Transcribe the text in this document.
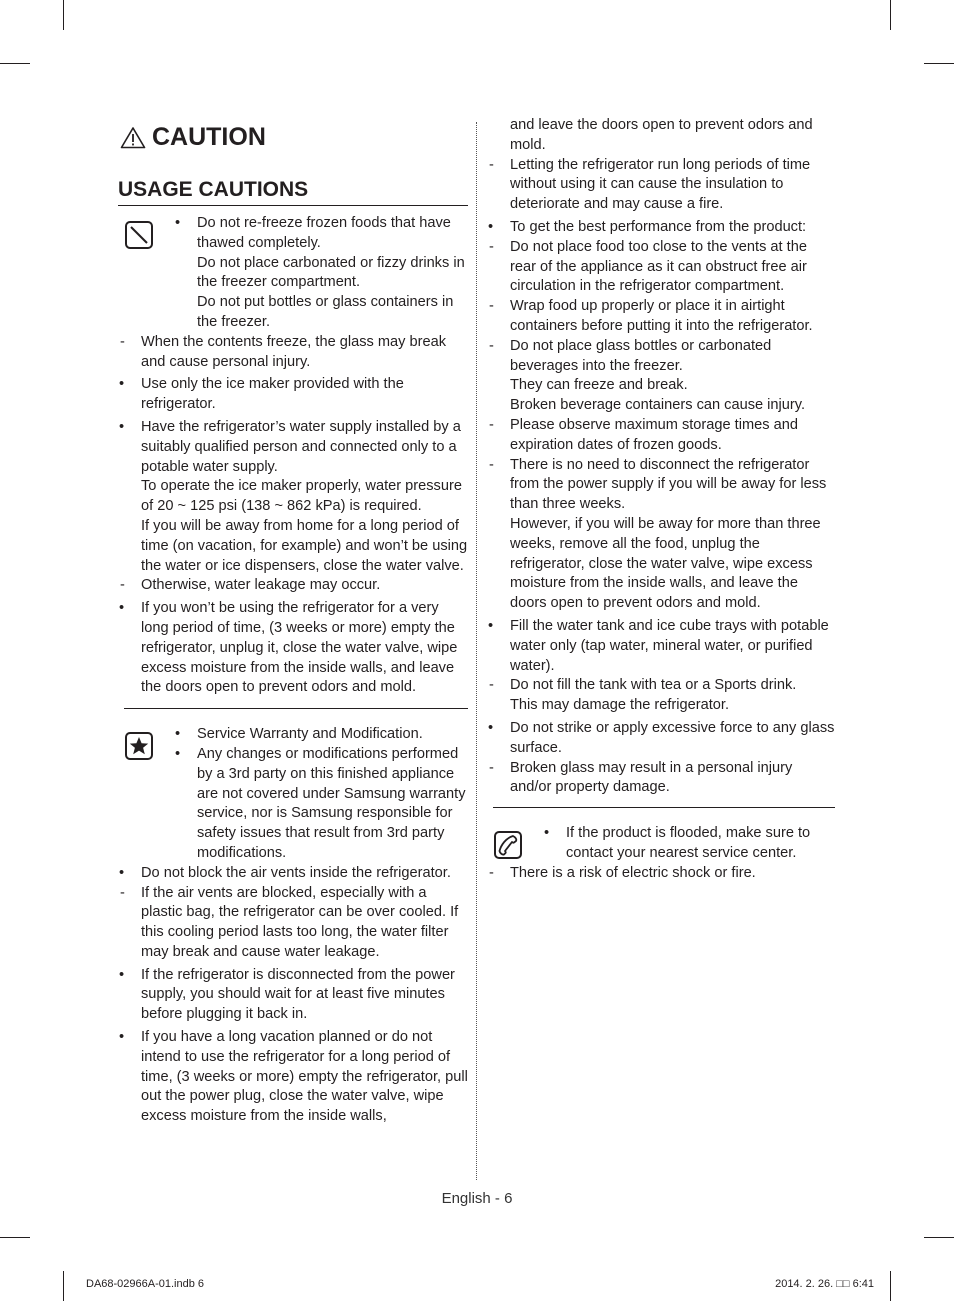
CAUTION
USAGE CAUTIONS
• Do not re-freeze frozen foods that have thawed completely.

Do not place carbonated or fizzy drinks in the freezer compartment.

Do not put bottles or glass containers in the freezer.

- When the contents freeze, the glass may break and cause personal injury.

• Use only the ice maker provided with the refrigerator.

• Have the refrigerator’s water supply installed by a suitably qualified person and connected only to a potable water supply.

To operate the ice maker properly, water pressure of 20 ~ 125 psi (138 ~ 862 kPa) is required.

If you will be away from home for a long period of time (on vacation, for example) and won’t be using the water or ice dispensers, close the water valve.

- Otherwise, water leakage may occur.

• If you won’t be using the refrigerator for a very long period of time, (3 weeks or more) empty the refrigerator, unplug it, close the water valve, wipe excess moisture from the inside walls, and leave the doors open to prevent odors and mold.

• Service Warranty and Modification.

• Any changes or modifications performed by a 3rd party on this finished appliance are not covered under Samsung warranty service, nor is Samsung responsible for safety issues that result from 3rd party modifications.

• Do not block the air vents inside the refrigerator.

- If the air vents are blocked, especially with a plastic bag, the refrigerator can be over cooled. If this cooling period lasts too long, the water filter may break and cause water leakage.

• If the refrigerator is disconnected from the power supply, you should wait for at least five minutes before plugging it back in.

• If you have a long vacation planned or do not intend to use the refrigerator for a long period of time, (3 weeks or more) empty the refrigerator, pull out the power plug, close the water valve, wipe excess moisture from the inside walls,

and leave the doors open to prevent odors and mold.

- Letting the refrigerator run long periods of time without using it can cause the insulation to deteriorate and may cause a fire.

• To get the best performance from the product:

- Do not place food too close to the vents at the rear of the appliance as it can obstruct free air circulation in the refrigerator compartment.

- Wrap food up properly or place it in airtight containers before putting it into the refrigerator.

- Do not place glass bottles or carbonated beverages into the freezer.

They can freeze and break.

Broken beverage containers can cause injury.

- Please observe maximum storage times and expiration dates of frozen goods.

- There is no need to disconnect the refrigerator from the power supply if you will be away for less than three weeks.

However, if you will be away for more than three weeks, remove all the food, unplug the refrigerator, close the water valve, wipe excess moisture from the inside walls, and leave the doors open to prevent odors and mold.

• Fill the water tank and ice cube trays with potable water only (tap water, mineral water, or purified water).

- Do not fill the tank with tea or a Sports drink.

This may damage the refrigerator.

• Do not strike or apply excessive force to any glass surface.

- Broken glass may result in a personal injury and/or property damage.

• If the product is flooded, make sure to contact your nearest service center.

- There is a risk of electric shock or fire.

English - 6
DA68-02966A-01.indb 6	2014. 2. 26. □□ 6:41
